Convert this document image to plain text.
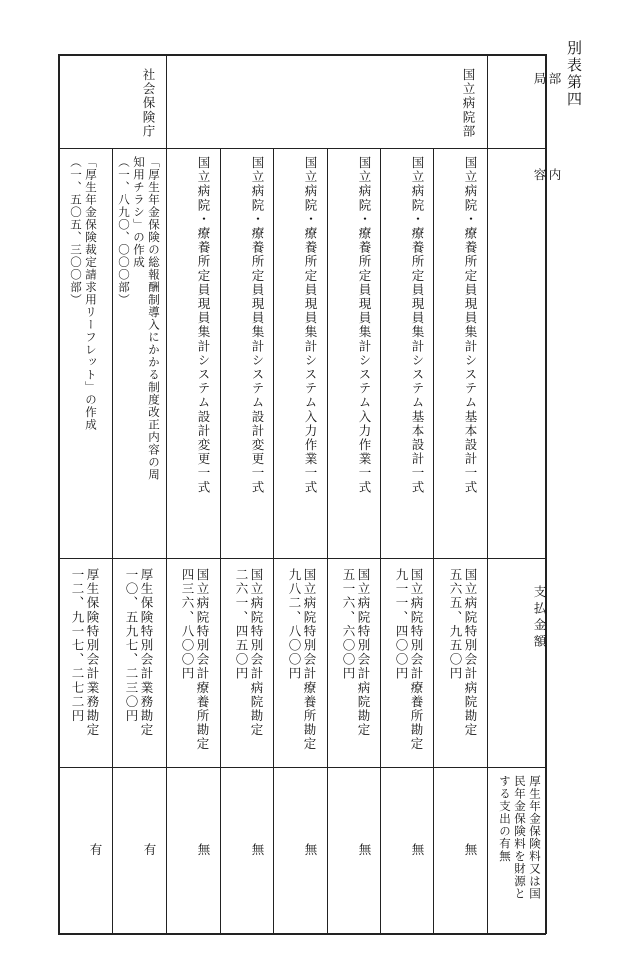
別表第四
部
局
内
容
支払金額
厚生年金保険料又は国
民年金保険料を財源と
する支出の有無
国立病院部
社会保険庁
国立病院・療養所定員現員集計システム基本設計一式
国立病院特別会計病院勘定
五六五、九五〇円
無
国立病院・療養所定員現員集計システム基本設計一式
国立病院特別会計療養所勘定
九一一、四〇〇円
無
国立病院・療養所定員現員集計システム入力作業一式
国立病院特別会計病院勘定
五一六、六〇〇円
無
国立病院・療養所定員現員集計システム入力作業一式
国立病院特別会計療養所勘定
九八二、八〇〇円
無
国立病院・療養所定員現員集計システム設計変更一式
国立病院特別会計病院勘定
二六一、四五〇円
無
国立病院・療養所定員現員集計システム設計変更一式
国立病院特別会計療養所勘定
四三六、八〇〇円
無
「厚生年金保険の総報酬制導入にかかる制度改正内容の周
知用チラシ」の作成
（一、八九〇、〇〇〇部）
厚生保険特別会計業務勘定
一〇、五九七、二三〇円
有
「厚生年金保険裁定請求用リーフレット」の作成
（一、五〇五、三〇〇部）
厚生保険特別会計業務勘定
一二、九一七、二七二円
有
